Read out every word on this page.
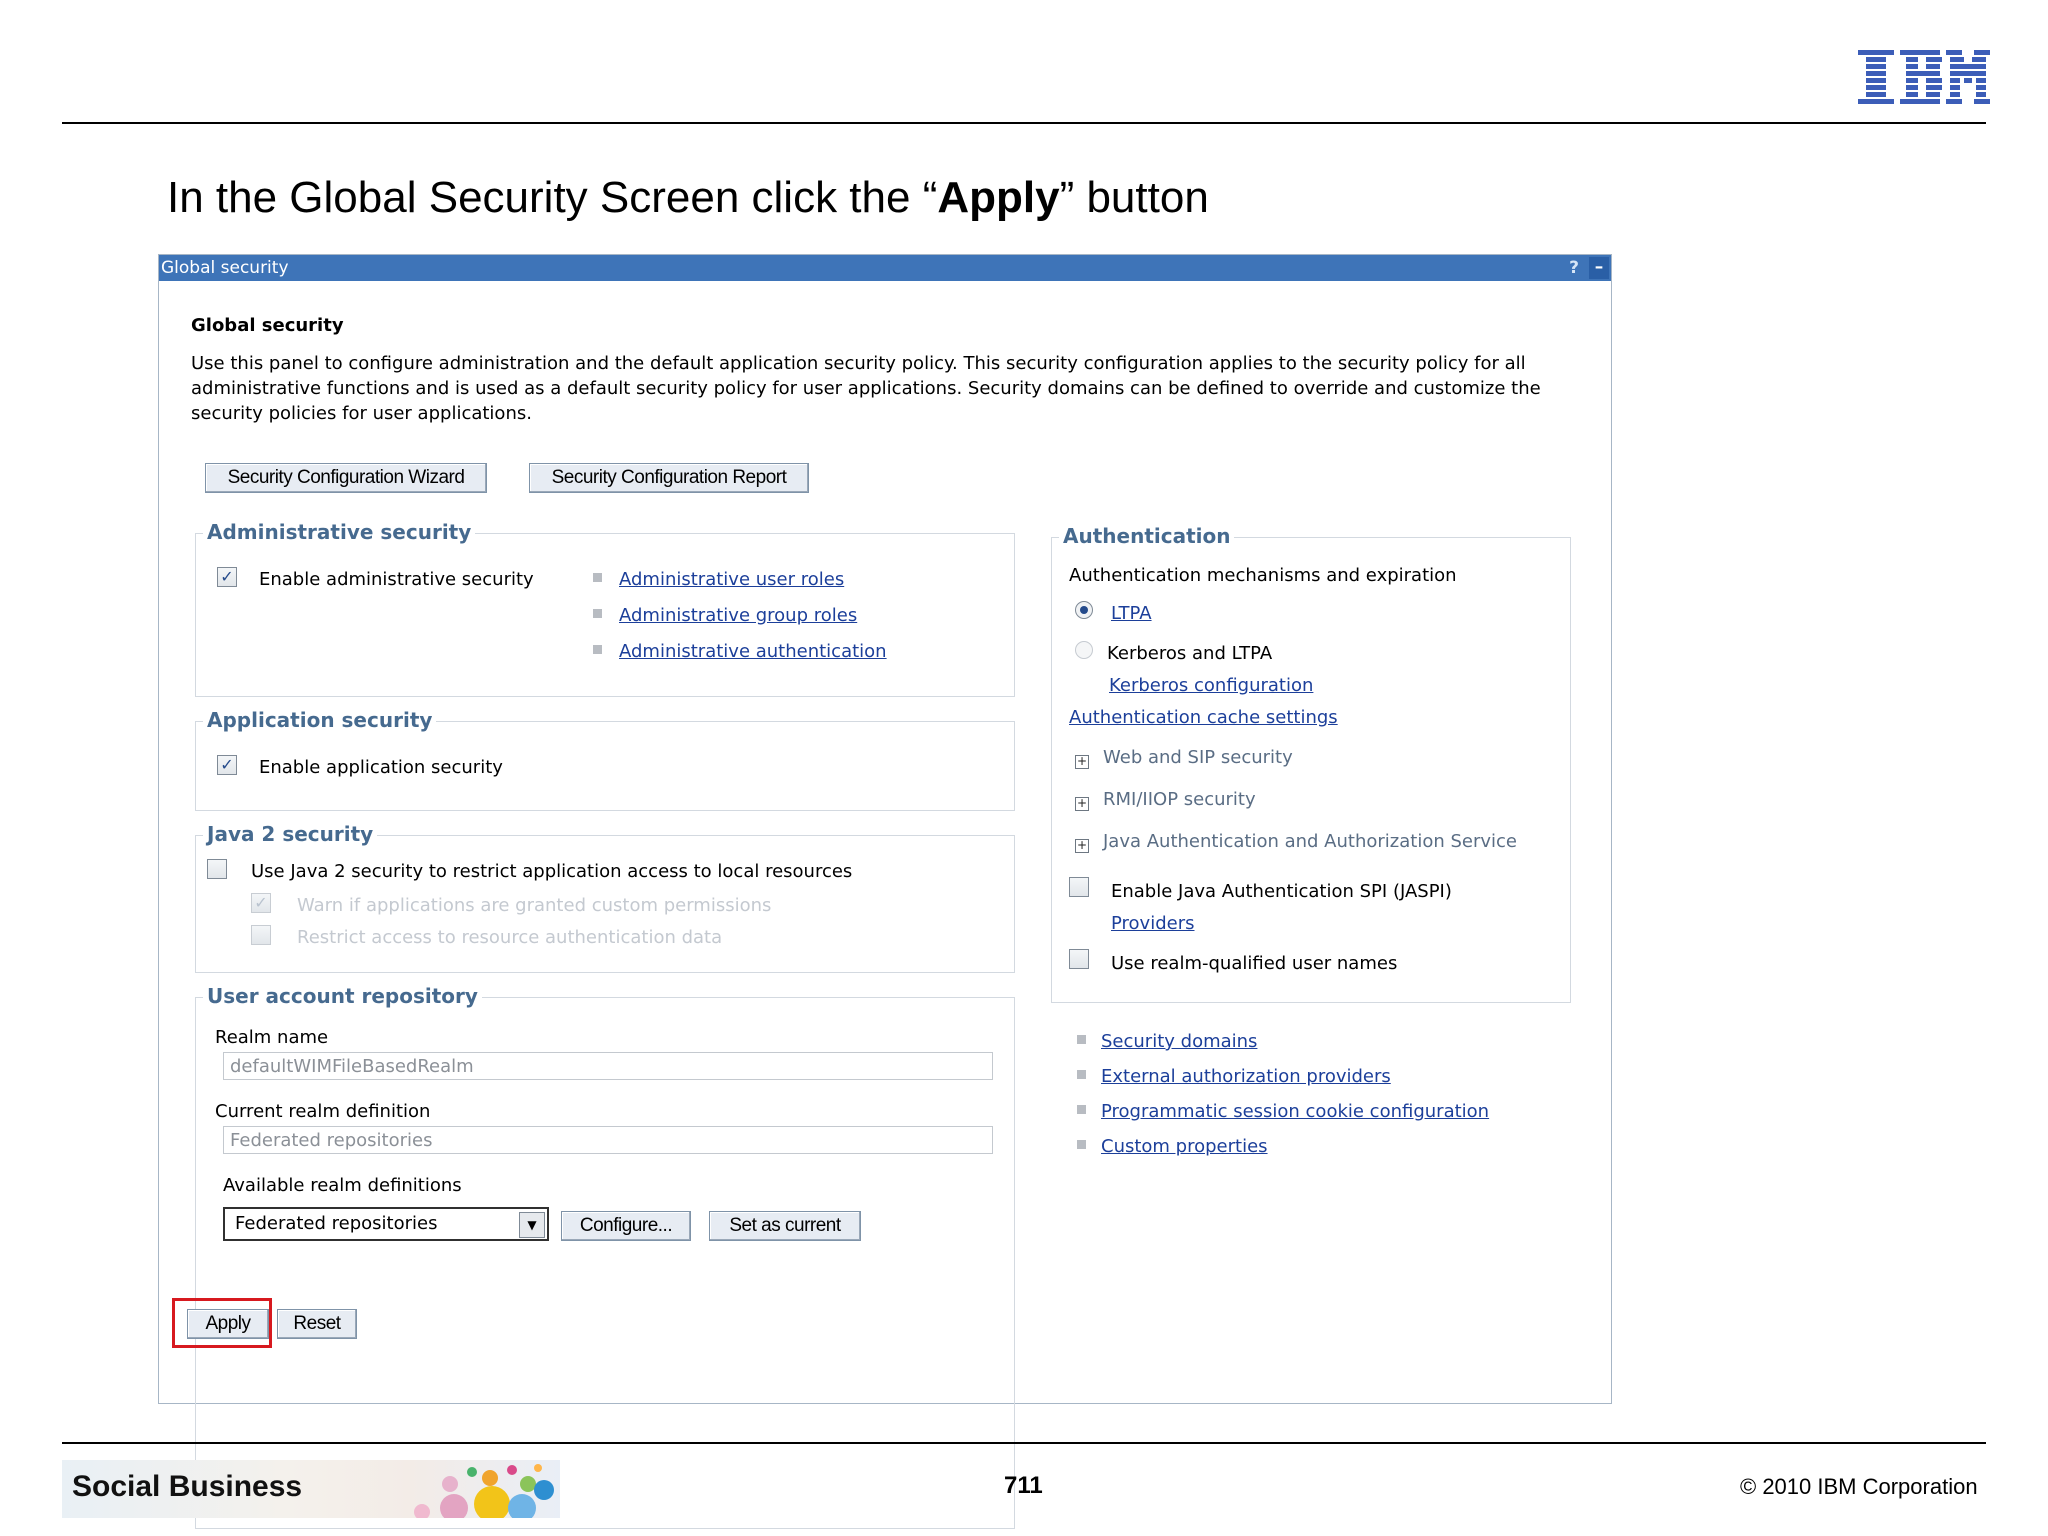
In the Global Security Screen click the “Apply” button
Global security	? –
Global security
Use this panel to configure administration and the default application security policy. This security configuration applies to the security policy for all administrative functions and is used as a default security policy for user applications. Security domains can be defined to override and customize the security policies for user applications.
Security Configuration Wizard	Security Configuration Report
Administrative security
✓ Enable administrative security	Administrative user roles
Administrative group roles
Administrative authentication
Application security
✓ Enable application security
Java 2 security
Use Java 2 security to restrict application access to local resources
✓ Warn if applications are granted custom permissions
Restrict access to resource authentication data
User account repository
Realm name
defaultWIMFileBasedRealm
Current realm definition
Federated repositories
Available realm definitions
Federated repositories	▼	Configure...	Set as current
Authentication
Authentication mechanisms and expiration
LTPA
Kerberos and LTPA
Kerberos configuration
Authentication cache settings
+ Web and SIP security
+ RMI/IIOP security
+ Java Authentication and Authorization Service
Enable Java Authentication SPI (JASPI)
Providers
Use realm-qualified user names
Security domains
External authorization providers
Programmatic session cookie configuration
Custom properties
Apply	Reset
Social Business	711	© 2010 IBM Corporation
